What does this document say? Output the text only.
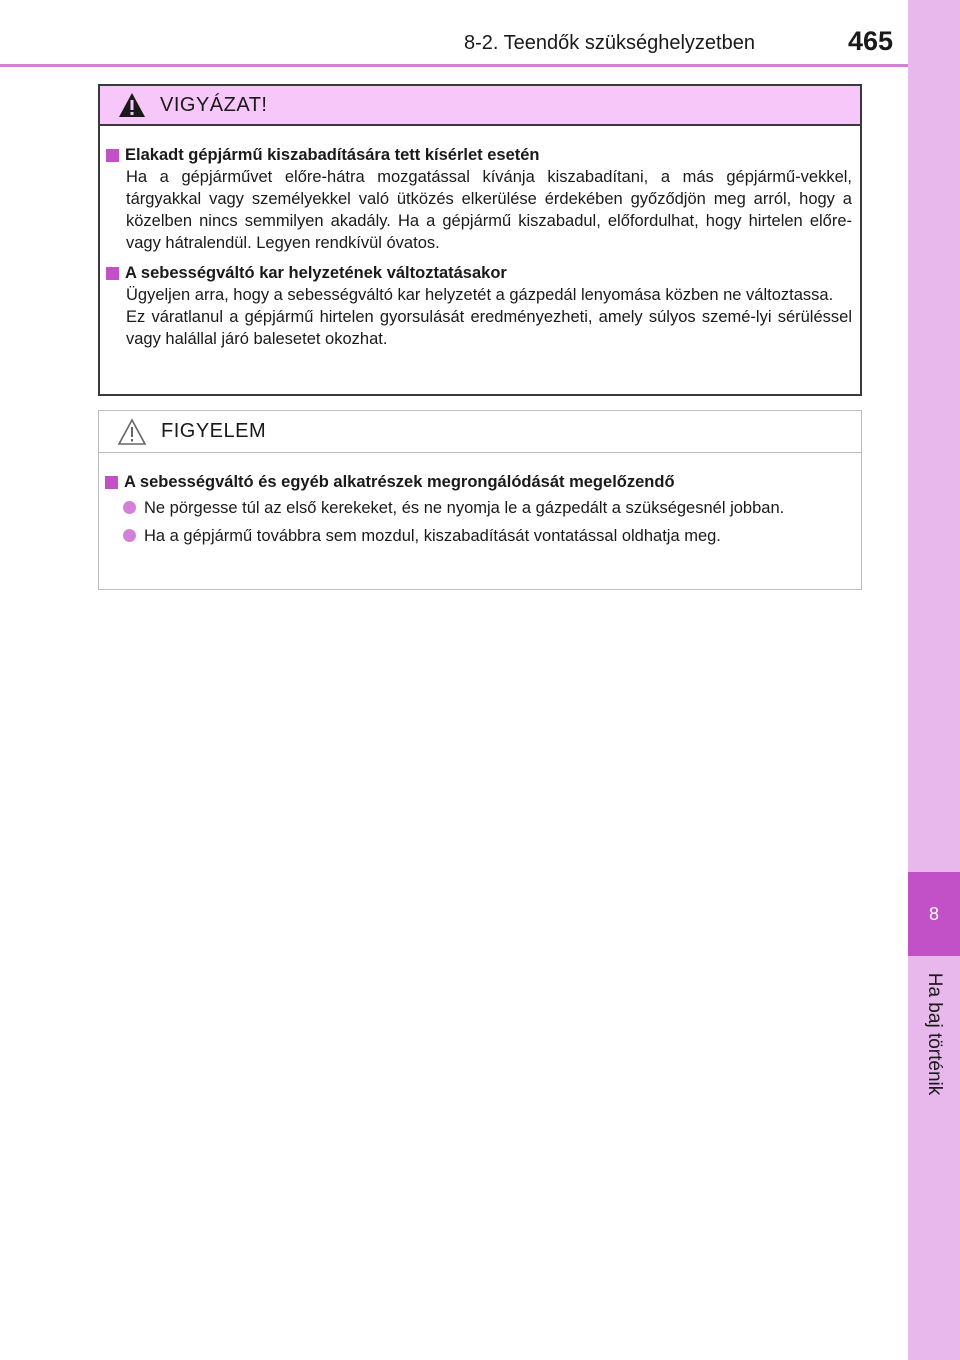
8-2. Teendők szükséghelyzetben	465
8
Ha baj történik
VIGYÁZAT!
Elakadt gépjármű kiszabadítására tett kísérlet esetén
Ha a gépjárművet előre-hátra mozgatással kívánja kiszabadítani, a más gépjármű-vekkel, tárgyakkal vagy személyekkel való ütközés elkerülése érdekében győződjön meg arról, hogy a közelben nincs semmilyen akadály. Ha a gépjármű kiszabadul, előfordulhat, hogy hirtelen előre- vagy hátralendül. Legyen rendkívül óvatos.
A sebességváltó kar helyzetének változtatásakor
Ügyeljen arra, hogy a sebességváltó kar helyzetét a gázpedál lenyomása közben ne változtassa.
Ez váratlanul a gépjármű hirtelen gyorsulását eredményezheti, amely súlyos szemé-lyi sérüléssel vagy halállal járó balesetet okozhat.
FIGYELEM
A sebességváltó és egyéb alkatrészek megrongálódását megelőzendő
Ne pörgesse túl az első kerekeket, és ne nyomja le a gázpedált a szükségesnél jobban.
Ha a gépjármű továbbra sem mozdul, kiszabadítását vontatással oldhatja meg.
